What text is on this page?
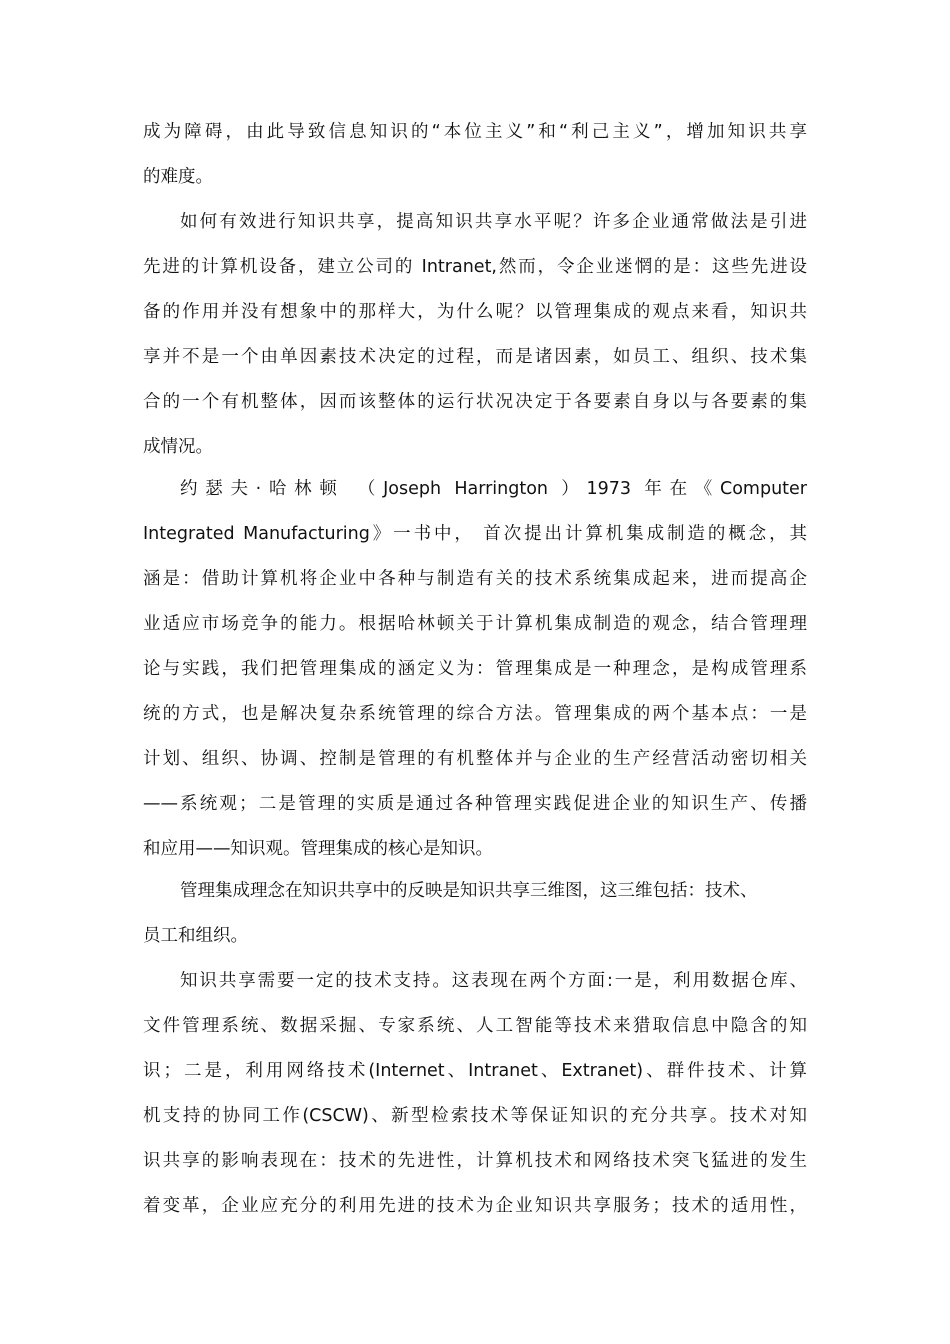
成为障碍，由此导致信息知识的“本位主义”和“利己主义”，增加知识共享
的难度。
如何有效进行知识共享，提高知识共享水平呢？许多企业通常做法是引进
先进的计算机设备，建立公司的 Intranet,然而，令企业迷惘的是：这些先进设
备的作用并没有想象中的那样大，为什么呢？以管理集成的观点来看，知识共
享并不是一个由单因素技术决定的过程，而是诸因素，如员工、组织、技术集
合的一个有机整体，因而该整体的运行状况决定于各要素自身以与各要素的集
成情况。
约瑟夫·哈林顿 （Joseph Harrington ）1973 年在《Computer
Integrated Manufacturing》一书中， 首次提出计算机集成制造的概念，其
涵是：借助计算机将企业中各种与制造有关的技术系统集成起来，进而提高企
业适应市场竞争的能力。根据哈林顿关于计算机集成制造的观念，结合管理理
论与实践，我们把管理集成的涵定义为：管理集成是一种理念，是构成管理系
统的方式，也是解决复杂系统管理的综合方法。管理集成的两个基本点：一是
计划、组织、协调、控制是管理的有机整体并与企业的生产经营活动密切相关
——系统观；二是管理的实质是通过各种管理实践促进企业的知识生产、传播
和应用——知识观。管理集成的核心是知识。
管理集成理念在知识共享中的反映是知识共享三维图，这三维包括：技术、
员工和组织。
知识共享需要一定的技术支持。这表现在两个方面:一是，利用数据仓库、
文件管理系统、数据采掘、专家系统、人工智能等技术来猎取信息中隐含的知
识；二是，利用网络技术(Internet、Intranet、Extranet)、群件技术、计算
机支持的协同工作(CSCW)、新型检索技术等保证知识的充分共享。技术对知
识共享的影响表现在：技术的先进性，计算机技术和网络技术突飞猛进的发生
着变革，企业应充分的利用先进的技术为企业知识共享服务；技术的适用性，
